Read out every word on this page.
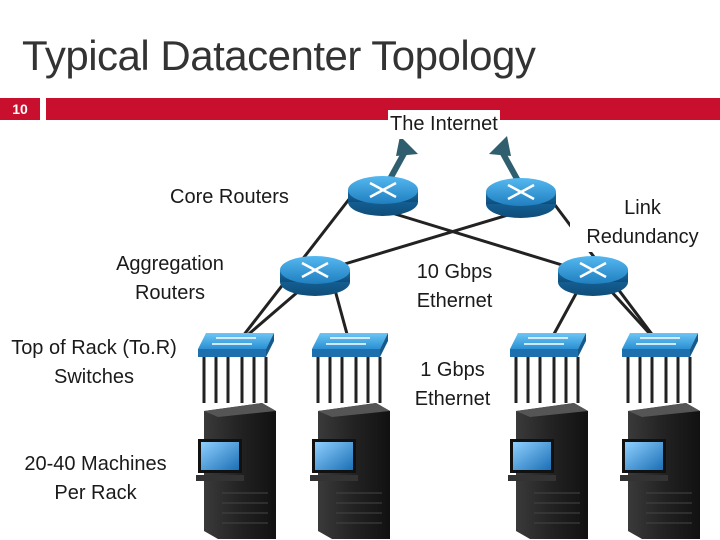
Typical Datacenter Topology
10
The Internet
Core Routers
Aggregation Routers
Top of Rack (To.R) Switches
20-40 Machines Per Rack
Link Redundancy
10 Gbps Ethernet
1 Gbps Ethernet
